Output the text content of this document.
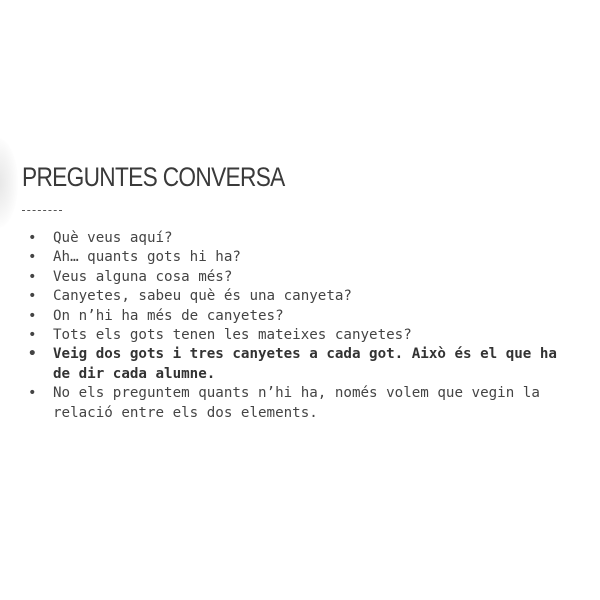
PREGUNTES CONVERSA
• Què veus aquí?
• Ah… quants gots hi ha?
• Veus alguna cosa més?
• Canyetes, sabeu què és una canyeta?
• On n’hi ha més de canyetes?
• Tots els gots tenen les mateixes canyetes?
• Veig dos gots i tres canyetes a cada got. Això és el que ha de dir cada alumne.
• No els preguntem quants n’hi ha, només volem que vegin la relació entre els dos elements.
